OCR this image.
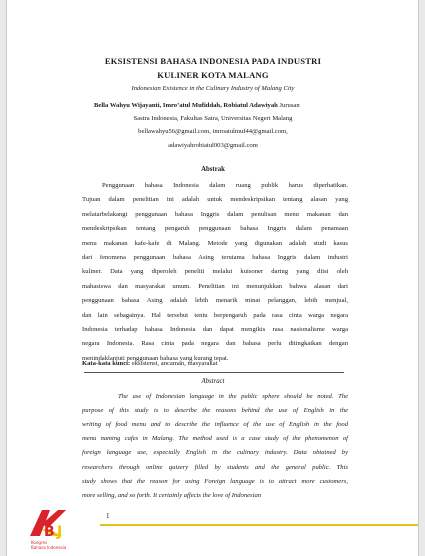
EKSISTENSI BAHASA INDONESIA PADA INDUSTRI
KULINER KOTA MALANG
Indonesian Existence in the Culinary Industry of Malang City
Bella Wahyu Wijayanti, Imro’atul Mufiddah, Robiatul Adawiyah Jurusan
Sastra Indonesia, Fakultas Satra, Universitas Negeri Malang
bellawahyu56@gmail.com, imroatulmuf44@gmail.com,
adawiyahrobiatul003@gmail.com
Abstrak
Penggunaan bahasa Indonesia dalam ruang publik harus diperhatikan.
Tujuan dalam penelitian ini adalah untuk mendeskripsikan tentang alasan yang
melatarbelakangi penggunaan bahasa Inggris dalam penulisan menu makanan dan
mendeskripsikan tentang pengaruh penggunaan bahasa Inggris dalam penamaan
menu makanan kafe-kafe di Malang. Metode yang digunakan adalah studi kasus
dari fenomena penggunaan bahasa Asing terutama bahasa Inggris dalam industri
kuliner. Data yang diperoleh peneliti melalui kuisoner daring yang diisi oleh
mahasiswa dan masyarakat umum. Penelitian ini menunjukkan bahwa alasan dari
penggunaan bahasa Asing adalah lebih menarik minat pelanggan, lebih menjual,
dan lain sebagainya. Hal tersebut tentu berpengaruh pada rasa cinta warga negara
Indonesia terhadap bahasa Indonesia dan dapat mengikis rasa nasionalisme warga
negara Indonesia. Rasa cinta pada negara dan bahasa perlu ditingkatkan dengan
menindaklanjuti penggunaan bahasa yang kurang tepat.
Kata-kata kunci: eksistensi, ancaman, masyarakat
Abstract
The use of Indonesian language in the public sphere should be noted. The
purpose of this study is to describe the reasons behind the use of English in the
writing of food menu and to describe the influence of the use of English in the food
menu naming cafes in Malang. The method used is a case study of the phenomenon of
foreign language use, especially English in the culinary industry. Data obtained by
researchers through online quizery filled by students and the general public. This
study shows that the reason for using Foreign language is to attract more customers,
more selling, and so forth. It certainly affects the love of Indonesian
1
B J
Kongres
Bahasa Indonesia
